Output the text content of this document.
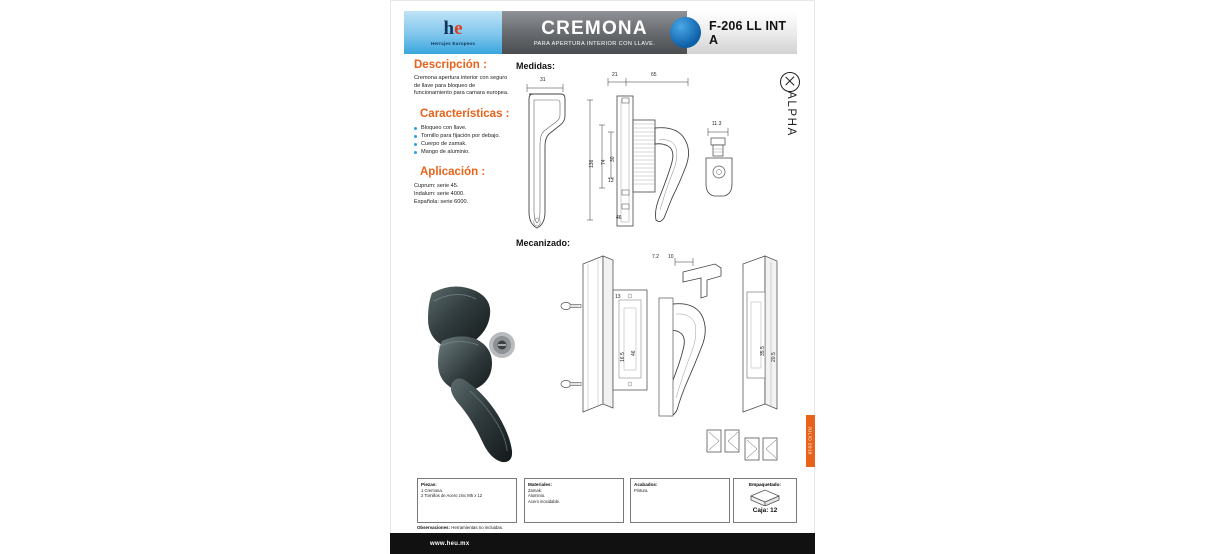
he
Herrajes Europeos
CREMONA
PARA APERTURA INTERIOR CON LLAVE.
F-206 LL INT A
ALPHA
Descripción :

Cremona apertura interior con seguro de llave para bloqueo de funcionamiento para camara europea.

Características :
Bloqueo con llave.
Tornillo para fijación por debajo.
Cuerpo de zamak.
Mango de aluminio.
Aplicación :
Cuprum: serie 45.
Indalum: serie 4000.
Española: serie 6000.
Medidas:
Mecanizado:
31
21	65
136 74
30
13
46
11.3
7.2 10
13
16.5 46	35.5
20.5
Piezas:
1 Cremona.
2 Tornillos de Acero zinc M5 x 12
Materiales:
Zamak.
Aluminio.
Acero inoxidable.
Acabados:
Pintura.
Empaquetado:
Caja: 12
Observaciones: Herramientas no incluidas.
JULIO 2018
www.heu.mx
